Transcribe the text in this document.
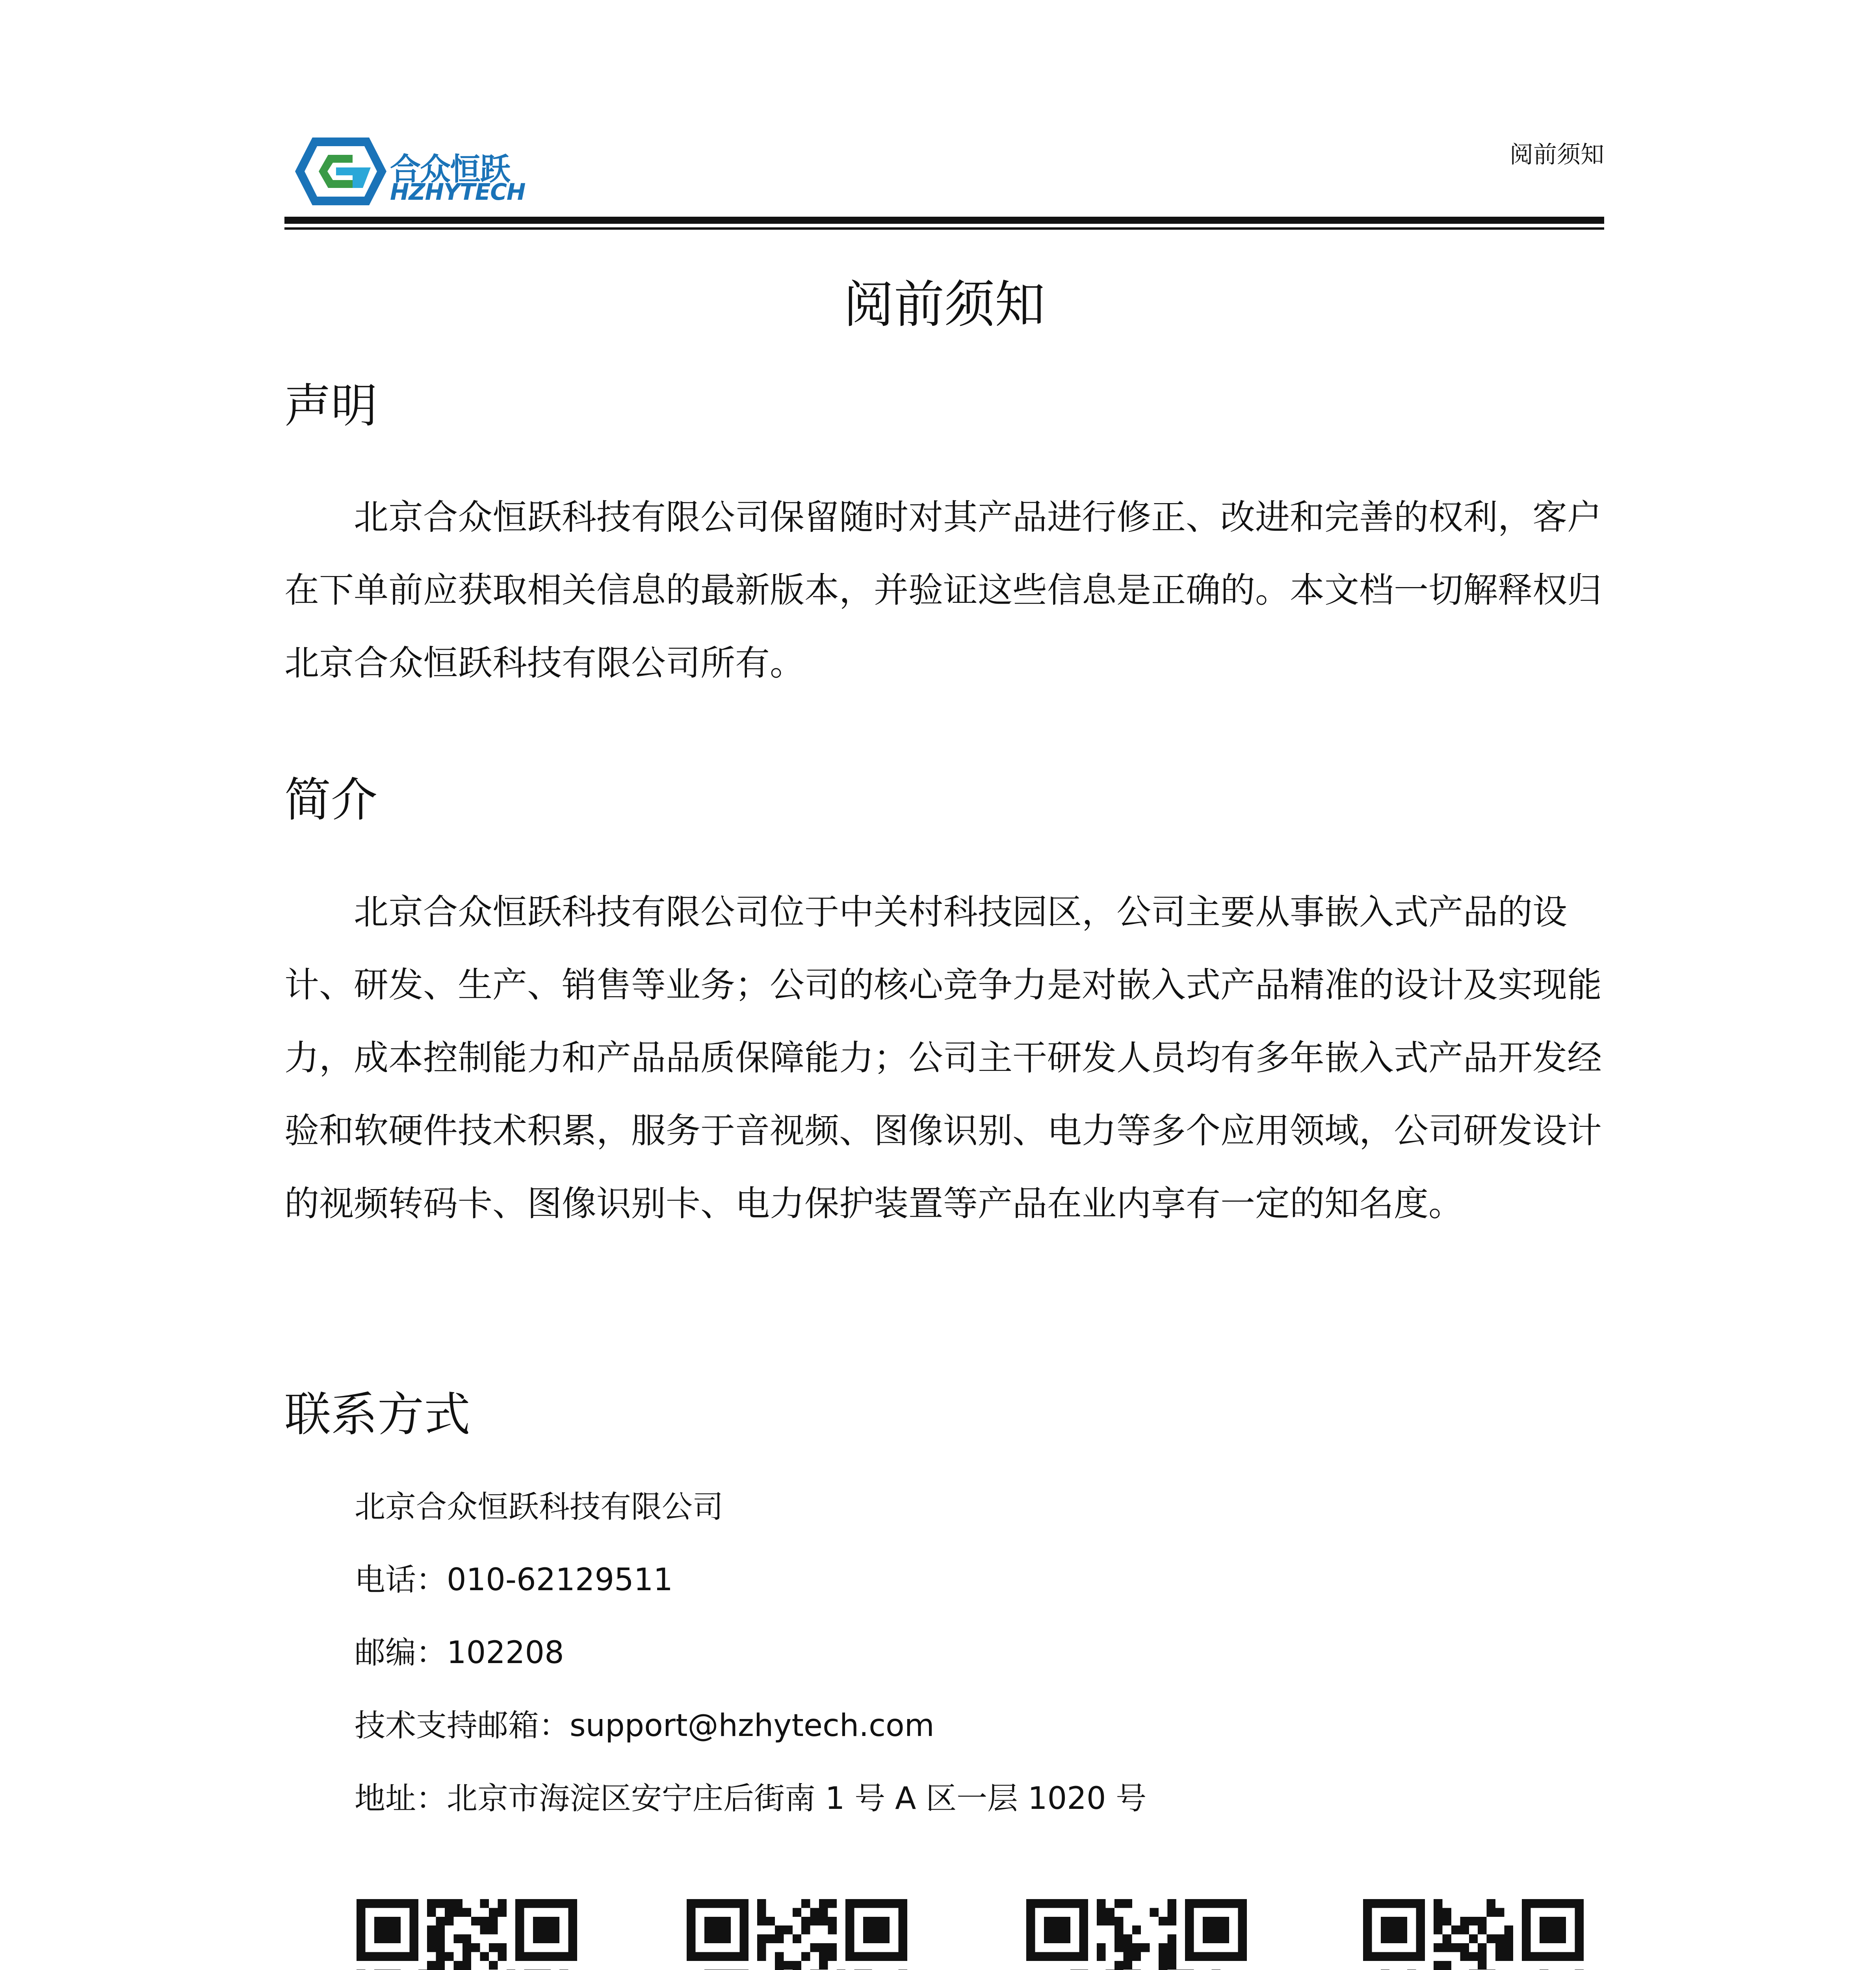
合众恒跃
HZHYTECH
阅前须知
阅前须知
声明

北京合众恒跃科技有限公司保留随时对其产品进行修正、改进和完善的权利，客户在下单前应获取相关信息的最新版本，并验证这些信息是正确的。本文档一切解释权归北京合众恒跃科技有限公司所有。

简介

北京合众恒跃科技有限公司位于中关村科技园区，公司主要从事嵌入式产品的设计、研发、生产、销售等业务；公司的核心竞争力是对嵌入式产品精准的设计及实现能力，成本控制能力和产品品质保障能力；公司主干研发人员均有多年嵌入式产品开发经验和软硬件技术积累，服务于音视频、图像识别、电力等多个应用领域，公司研发设计的视频转码卡、图像识别卡、电力保护装置等产品在业内享有一定的知名度。

联系方式
北京合众恒跃科技有限公司
电话：010-62129511
邮编：102208
技术支持邮箱：support@hzhytech.com
地址：北京市海淀区安宁庄后街南 1 号 A 区一层 1020 号
